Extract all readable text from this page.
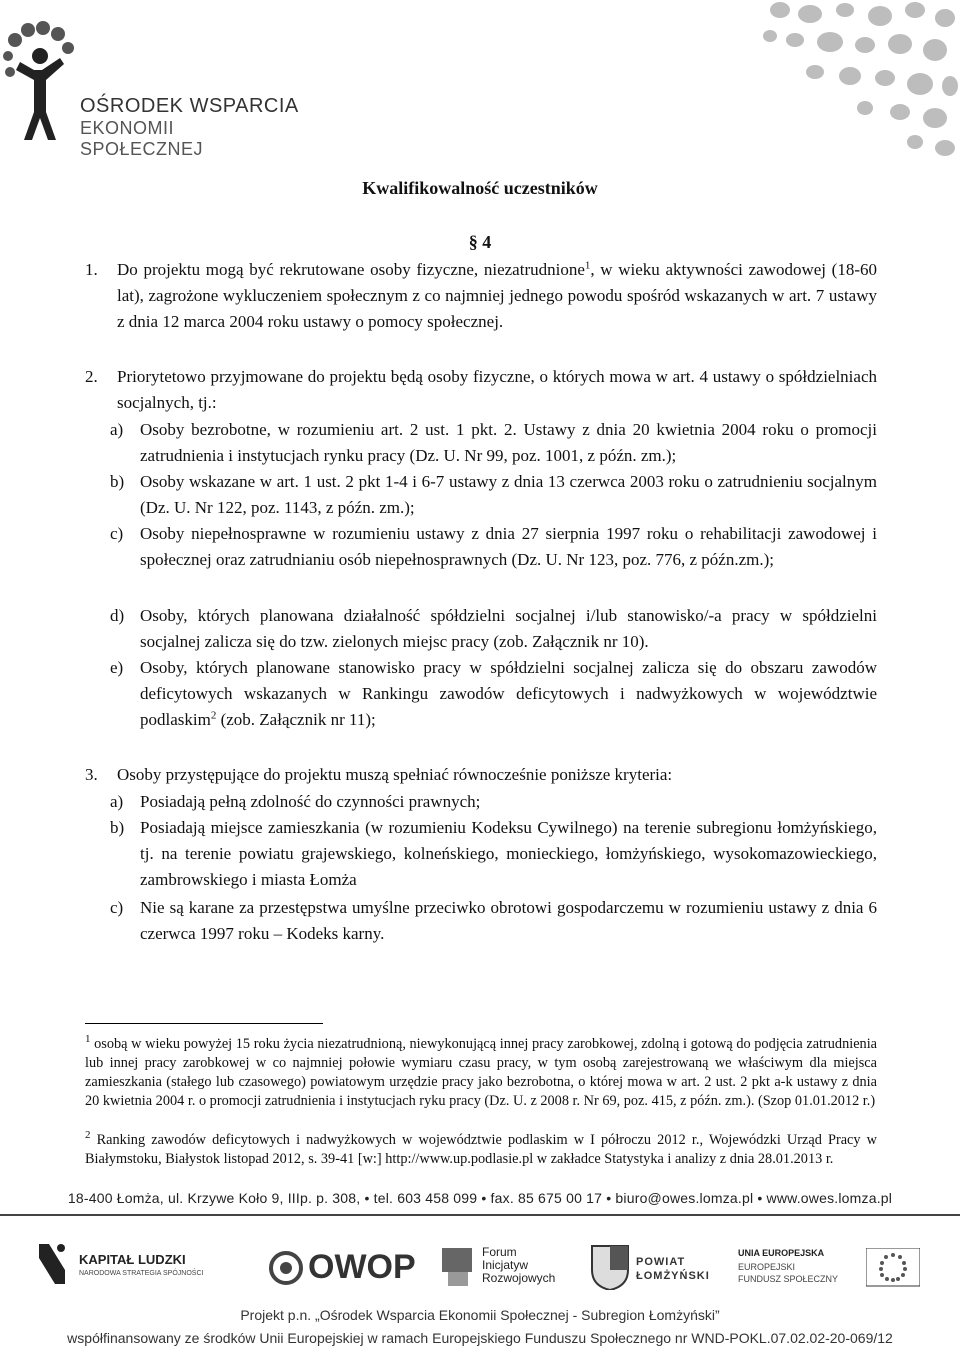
OŚRODEK WSPARCIA
EKONOMII SPOŁECZNEJ
Kwalifikowalność uczestników
§ 4
1. Do projektu mogą być rekrutowane osoby fizyczne, niezatrudnione$^1$, w wieku aktywności zawodowej (18-60 lat), zagrożone wykluczeniem społecznym z co najmniej jednego powodu spośród wskazanych w art. 7 ustawy z dnia 12 marca 2004 roku ustawy o pomocy społecznej.
2. Priorytetowo przyjmowane do projektu będą osoby fizyczne, o których mowa w art. 4 ustawy o spółdzielniach socjalnych, tj.:
a) Osoby bezrobotne, w rozumieniu art. 2 ust. 1 pkt. 2. Ustawy z dnia 20 kwietnia 2004 roku o promocji zatrudnienia i instytucjach rynku pracy (Dz. U. Nr 99, poz. 1001, z późn. zm.);
b) Osoby wskazane w art. 1 ust. 2 pkt 1-4 i 6-7 ustawy z dnia 13 czerwca 2003 roku o zatrudnieniu socjalnym (Dz. U. Nr 122, poz. 1143, z późn. zm.);
c) Osoby niepełnosprawne w rozumieniu ustawy z dnia 27 sierpnia 1997 roku o rehabilitacji zawodowej i społecznej oraz zatrudnianiu osób niepełnosprawnych (Dz. U. Nr 123, poz. 776, z późn.zm.);
d) Osoby, których planowana działalność spółdzielni socjalnej i/lub stanowisko/-a pracy w spółdzielni socjalnej zalicza się do tzw. zielonych miejsc pracy (zob. Załącznik nr 10).
e) Osoby, których planowane stanowisko pracy w spółdzielni socjalnej zalicza się do obszaru zawodów deficytowych wskazanych w Rankingu zawodów deficytowych i nadwyżkowych w województwie podlaskim$^2$ (zob. Załącznik nr 11);
3. Osoby przystępujące do projektu muszą spełniać równocześnie poniższe kryteria:
a) Posiadają pełną zdolność do czynności prawnych;
b) Posiadają miejsce zamieszkania (w rozumieniu Kodeksu Cywilnego) na terenie subregionu łomżyńskiego, tj. na terenie powiatu grajewskiego, kolneńskiego, monieckiego, łomżyńskiego, wysokomazowieckiego, zambrowskiego i miasta Łomża
c) Nie są karane za przestępstwa umyślne przeciwko obrotowi gospodarczemu w rozumieniu ustawy z dnia 6 czerwca 1997 roku – Kodeks karny.
$^1$ osobą w wieku powyżej 15 roku życia niezatrudnioną, niewykonującą innej pracy zarobkowej, zdolną i gotową do podjęcia zatrudnienia lub innej pracy zarobkowej w co najmniej połowie wymiaru czasu pracy, w tym osobą zarejestrowaną we właściwym dla miejsca zamieszkania (stałego lub czasowego) powiatowym urzędzie pracy jako bezrobotna, o której mowa w art. 2 ust. 2 pkt a-k ustawy z dnia 20 kwietnia 2004 r. o promocji zatrudnienia i instytucjach ryku pracy (Dz. U. z 2008 r. Nr 69, poz. 415, z późn. zm.). (Szop 01.01.2012 r.)
$^2$ Ranking zawodów deficytowych i nadwyżkowych w województwie podlaskim w I półroczu 2012 r., Wojewódzki Urząd Pracy w Białymstoku, Białystok listopad 2012, s. 39-41 [w:] http://www.up.podlasie.pl w zakładce Statystyka i analizy z dnia 28.01.2013 r.
18-400 Łomża, ul. Krzywe Koło 9, IIIp. p. 308, • tel. 603 458 099 • fax. 85 675 00 17 • biuro@owes.lomza.pl • www.owes.lomza.pl
KAPITAŁ LUDZKI
NARODOWA STRATEGIA SPÓJNOŚCI	OWOP	Forum
Inicjatyw
Rozwojowych
POWIAT
ŁOMŻYŃSKI
UNIA EUROPEJSKA
EUROPEJSKI
FUNDUSZ SPOŁECZNY
Projekt p.n. „Ośrodek Wsparcia Ekonomii Społecznej - Subregion Łomżyński”
współfinansowany ze środków Unii Europejskiej w ramach Europejskiego Funduszu Społecznego nr WND-POKL.07.02.02-20-069/12
